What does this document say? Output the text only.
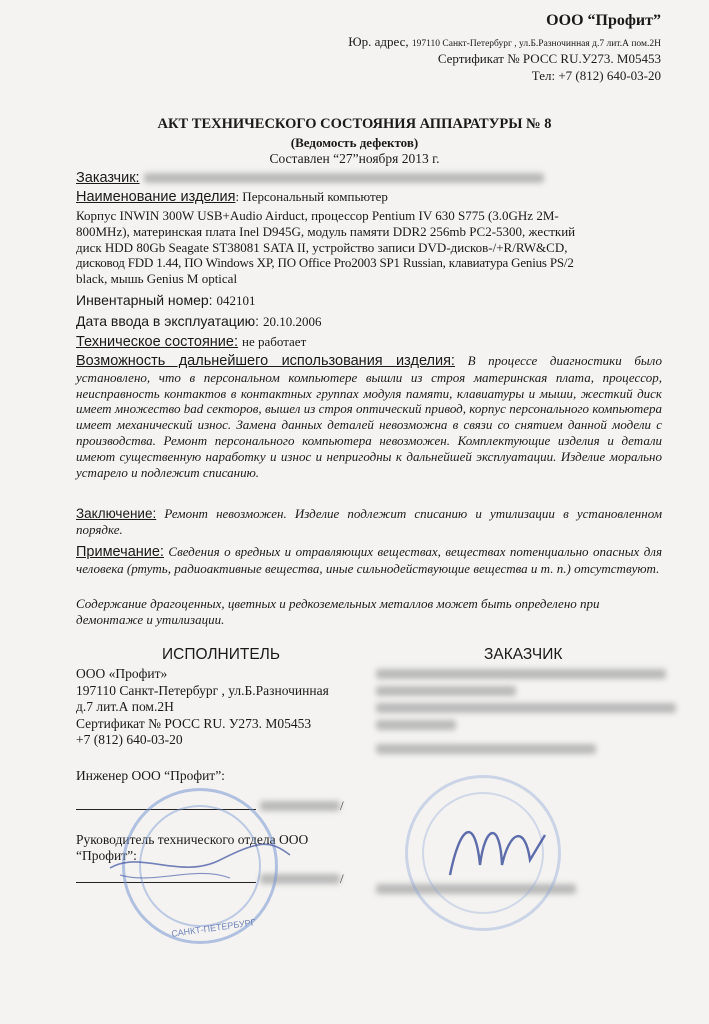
ООО “Профит”
Юр. адрес, 197110 Санкт-Петербург , ул.Б.Разночинная д.7 лит.А пом.2Н
Сертификат № РОСС RU.У273. М05453
Тел: +7 (812) 640-03-20
АКТ ТЕХНИЧЕСКОГО СОСТОЯНИЯ АППАРАТУРЫ № 8
(Ведомость дефектов)
Составлен “27”ноября 2013 г.
Заказчик:
Наименование изделия: Персональный компьютер
Корпус INWIN 300W USB+Audio Airduct, процессор Pentium IV 630 S775 (3.0GHz 2M-
800MHz), материнская плата Inel D945G, модуль памяти DDR2 256mb PC2-5300, жесткий
диск HDD 80Gb Seagate ST38081 SATA II, устройство записи DVD-дисков-/+R/RW&CD,
дисковод FDD 1.44, ПО Windows XP, ПО Office Pro2003 SP1 Russian, клавиатура Genius PS/2
black, мышь Genius M optical
Инвентарный номер: 042101
Дата ввода в эксплуатацию: 20.10.2006
Техническое состояние: не работает

Возможность дальнейшего использования изделия: В процессе диагностики было установлено, что в персональном компьютере вышли из строя материнская плата, процессор, неисправность контактов в контактных группах модуля памяти, клавиатуры и мыши, жесткий диск имеет множество bad секторов, вышел из строя оптический привод, корпус персонального компьютера имеет механический износ. Замена данных деталей невозможна в связи со снятием данной модели с производства. Ремонт персонального компьютера невозможен. Комплектующие изделия и детали имеют существенную наработку и износ и непригодны к дальнейшей эксплуатации. Изделие морально устарело и подлежит списанию.

Заключение: Ремонт невозможен. Изделие подлежит списанию и утилизации в установленном порядке.

Примечание: Сведения о вредных и отравляющих веществах, веществах потенциально опасных для человека (ртуть, радиоактивные вещества, иные сильнодействующие вещества и т. п.) отсутствуют.

Содержание драгоценных, цветных и редкоземельных металлов может быть определено при демонтаже и утилизации.

ИСПОЛНИТЕЛЬ
ООО «Профит»
197110 Санкт-Петербург , ул.Б.Разночинная
д.7 лит.А пом.2Н
Сертификат № РОСС RU. У273. М05453
+7 (812) 640-03-20
Инженер ООО “Профит”:
/
Руководитель технического отдела ООО
“Профит”:
/
САНКТ-ПЕТЕРБУРГ
ЗАКАЗЧИК
